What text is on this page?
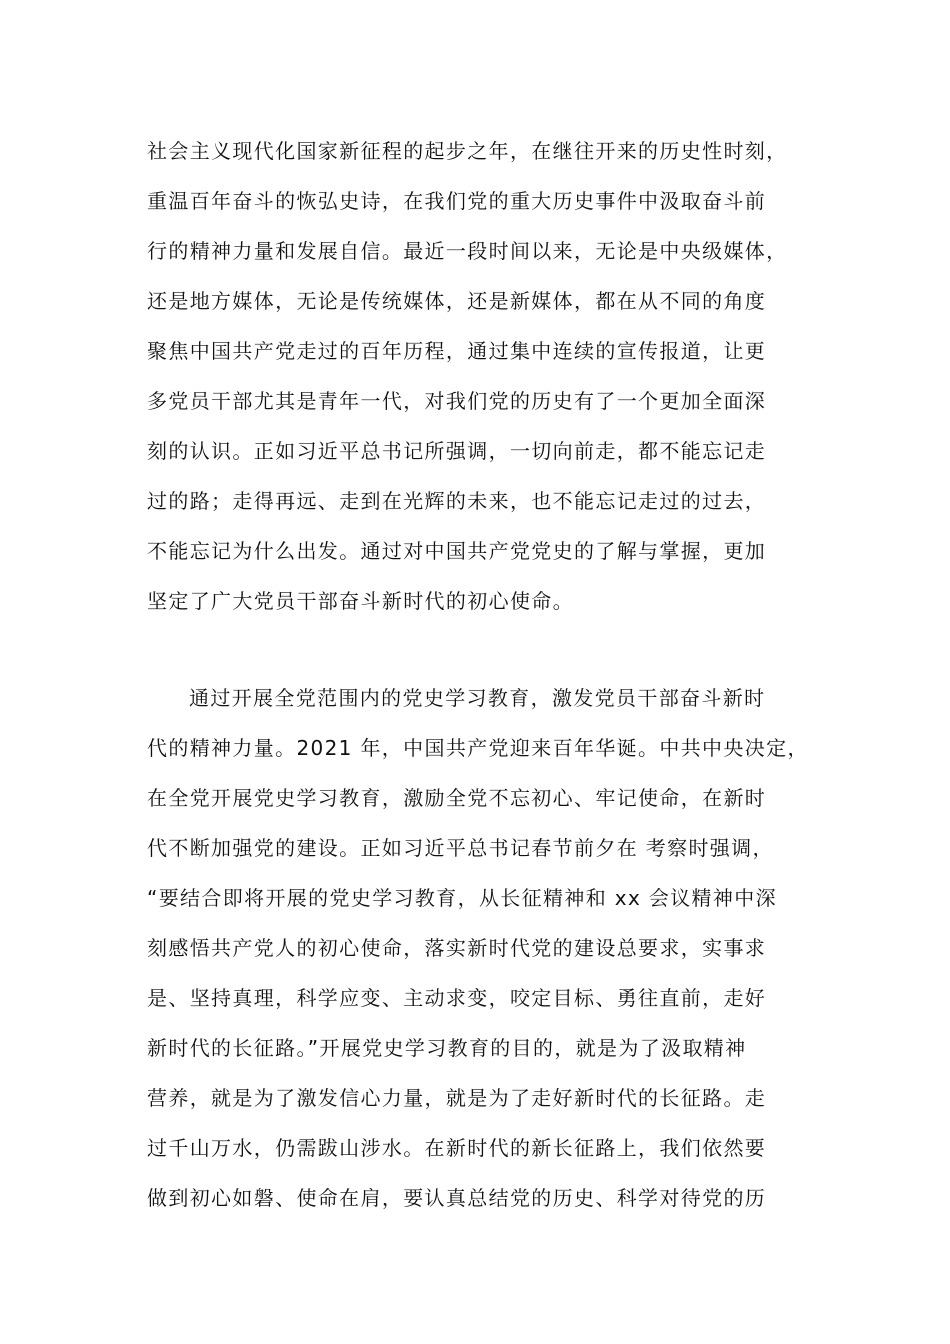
社会主义现代化国家新征程的起步之年，在继往开来的历史性时刻，
重温百年奋斗的恢弘史诗，在我们党的重大历史事件中汲取奋斗前
行的精神力量和发展自信。最近一段时间以来，无论是中央级媒体，
还是地方媒体，无论是传统媒体，还是新媒体，都在从不同的角度
聚焦中国共产党走过的百年历程，通过集中连续的宣传报道，让更
多党员干部尤其是青年一代，对我们党的历史有了一个更加全面深
刻的认识。正如习近平总书记所强调，一切向前走，都不能忘记走
过的路；走得再远、走到在光辉的未来，也不能忘记走过的过去，
不能忘记为什么出发。通过对中国共产党党史的了解与掌握，更加
坚定了广大党员干部奋斗新时代的初心使命。
通过开展全党范围内的党史学习教育，激发党员干部奋斗新时
代的精神力量。2021 年，中国共产党迎来百年华诞。中共中央决定，
在全党开展党史学习教育，激励全党不忘初心、牢记使命，在新时
代不断加强党的建设。正如习近平总书记春节前夕在 考察时强调，
“要结合即将开展的党史学习教育，从长征精神和 xx 会议精神中深
刻感悟共产党人的初心使命，落实新时代党的建设总要求，实事求
是、坚持真理，科学应变、主动求变，咬定目标、勇往直前，走好
新时代的长征路。”开展党史学习教育的目的，就是为了汲取精神
营养，就是为了激发信心力量，就是为了走好新时代的长征路。走
过千山万水，仍需跋山涉水。在新时代的新长征路上，我们依然要
做到初心如磐、使命在肩，要认真总结党的历史、科学对待党的历
